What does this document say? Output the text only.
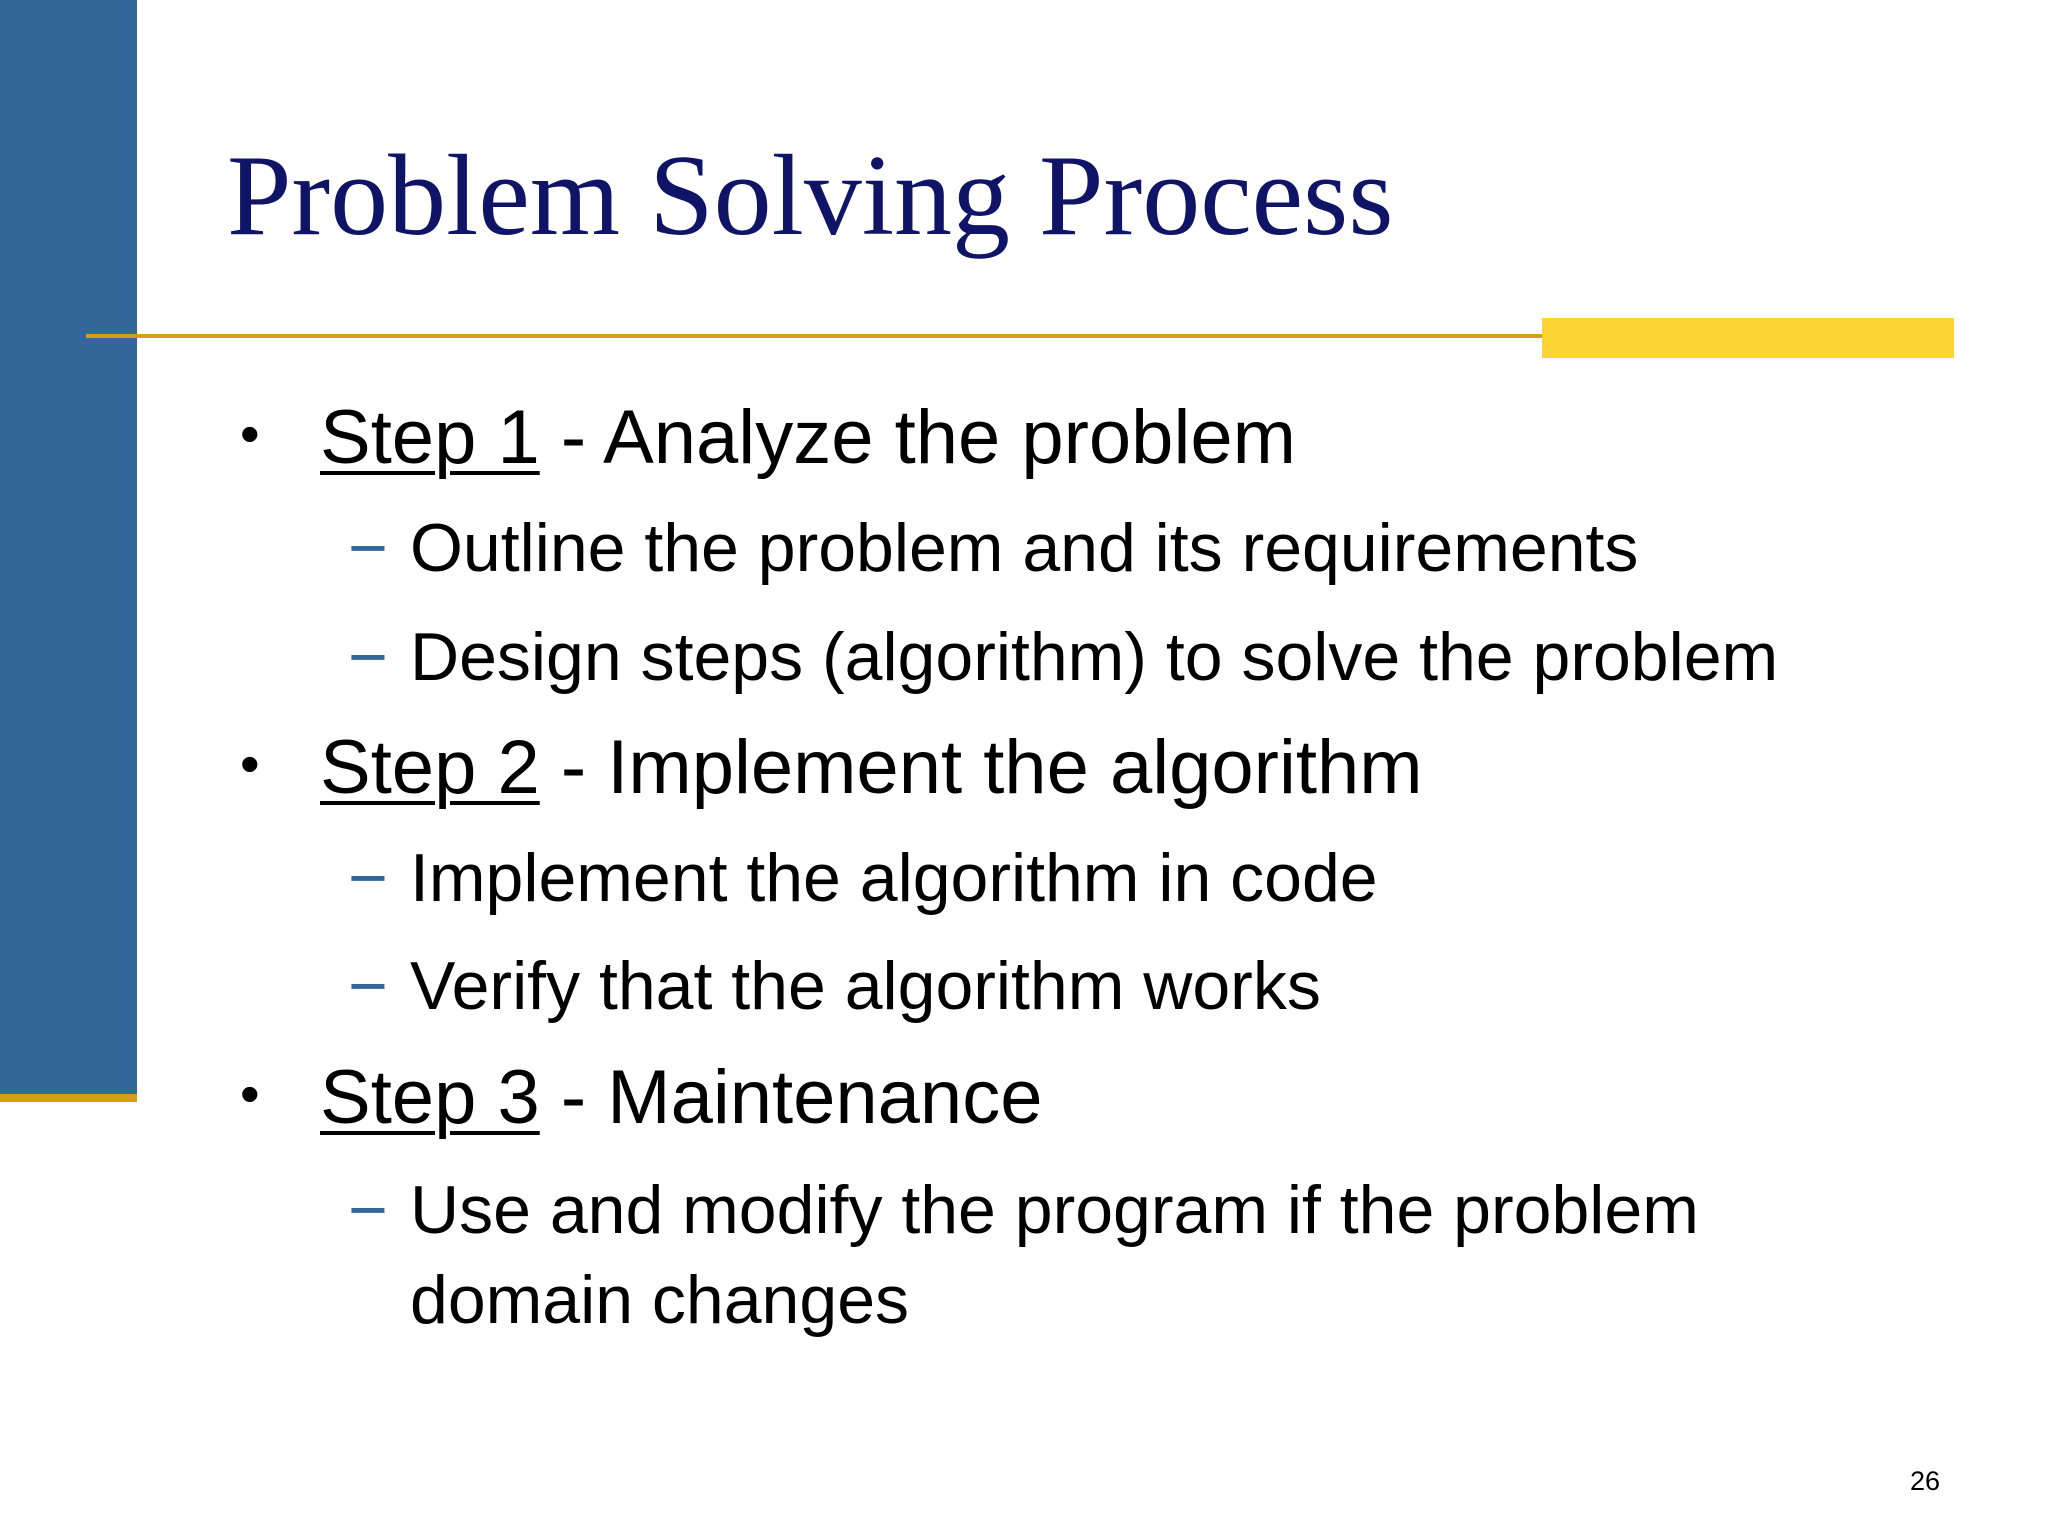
Problem Solving Process
• Step 1 - Analyze the problem
− Outline the problem and its requirements
− Design steps (algorithm) to solve the problem
• Step 2 - Implement the algorithm
− Implement the algorithm in code
− Verify that the algorithm works
• Step 3 - Maintenance
− Use and modify the program if the problem domain changes
26
